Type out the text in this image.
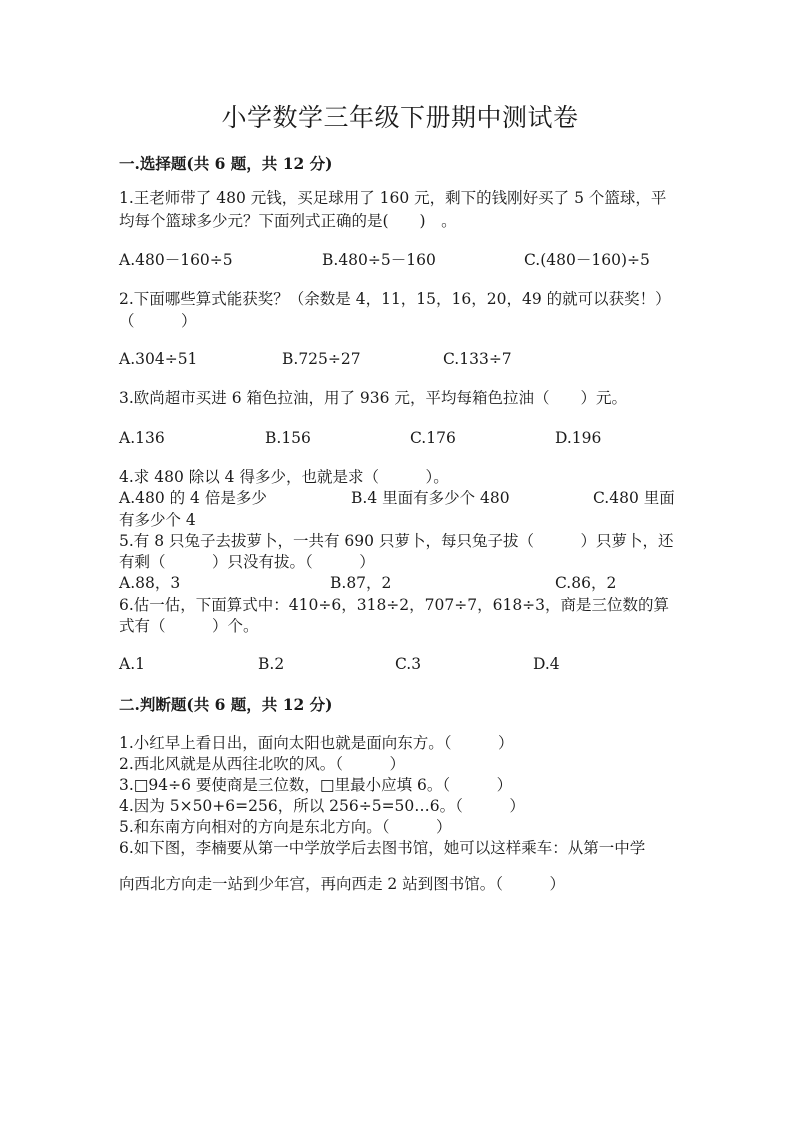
小学数学三年级下册期中测试卷
一.选择题(共 6 题，共 12 分)
1.王老师带了 480 元钱，买足球用了 160 元，剩下的钱刚好买了 5 个篮球，平
均每个篮球多少元？下面列式正确的是(　　)　。
A.480－160÷5	B.480÷5－160	C.(480－160)÷5
2.下面哪些算式能获奖？（余数是 4，11，15，16，20，49 的就可以获奖！）
（　　　）
A.304÷51	B.725÷27	C.133÷7
3.欧尚超市买进 6 箱色拉油，用了 936 元，平均每箱色拉油（　　）元。
A.136	B.156	C.176	D.196
4.求 480 除以 4 得多少，也就是求（　　　）。
A.480 的 4 倍是多少	B.4 里面有多少个 480	C.480 里面
有多少个 4
5.有 8 只兔子去拔萝卜，一共有 690 只萝卜，每只兔子拔（　　　）只萝卜，还
有剩（　　　）只没有拔。（　　　）
A.88，3	B.87，2	C.86，2
6.估一估，下面算式中：410÷6，318÷2，707÷7，618÷3，商是三位数的算
式有（　　　）个。
A.1	B.2	C.3	D.4
二.判断题(共 6 题，共 12 分)
1.小红早上看日出，面向太阳也就是面向东方。（　　　）
2.西北风就是从西往北吹的风。（　　　）
3.□94÷6 要使商是三位数，□里最小应填 6。（　　　）
4.因为 5×50+6=256，所以 256÷5=50…6。（　　　）
5.和东南方向相对的方向是东北方向。（　　　）
6.如下图，李楠要从第一中学放学后去图书馆，她可以这样乘车：从第一中学
向西北方向走一站到少年宫，再向西走 2 站到图书馆。（　　　）
